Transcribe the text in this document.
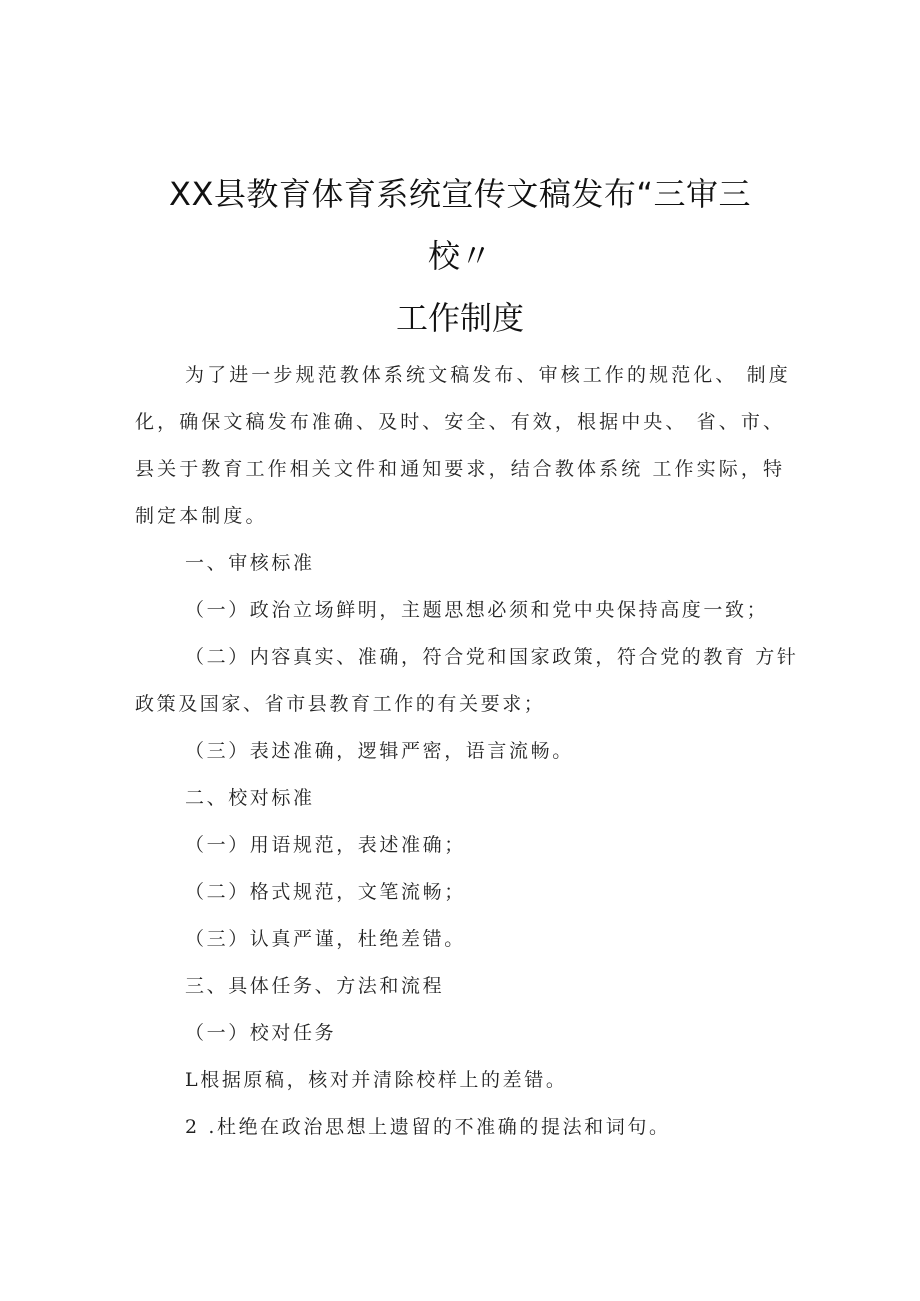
XX县教育体育系统宣传文稿发布“三审三
校〃
工作制度

为了进一步规范教体系统文稿发布、审核工作的规范化、 制度化，确保文稿发布准确、及时、安全、有效，根据中央、 省、市、县关于教育工作相关文件和通知要求，结合教体系统 工作实际，特制定本制度。

一、审核标准

（一）政治立场鲜明，主题思想必须和党中央保持高度一致；

（二）内容真实、准确，符合党和国家政策，符合党的教育 方针

政策及国家、省市县教育工作的有关要求；

（三）表述准确，逻辑严密，语言流畅。

二、校对标准

（一）用语规范，表述准确；

（二）格式规范，文笔流畅；

（三）认真严谨，杜绝差错。

三、具体任务、方法和流程

（一）校对任务

L根据原稿，核对并清除校样上的差错。

2 .杜绝在政治思想上遗留的不准确的提法和词句。
